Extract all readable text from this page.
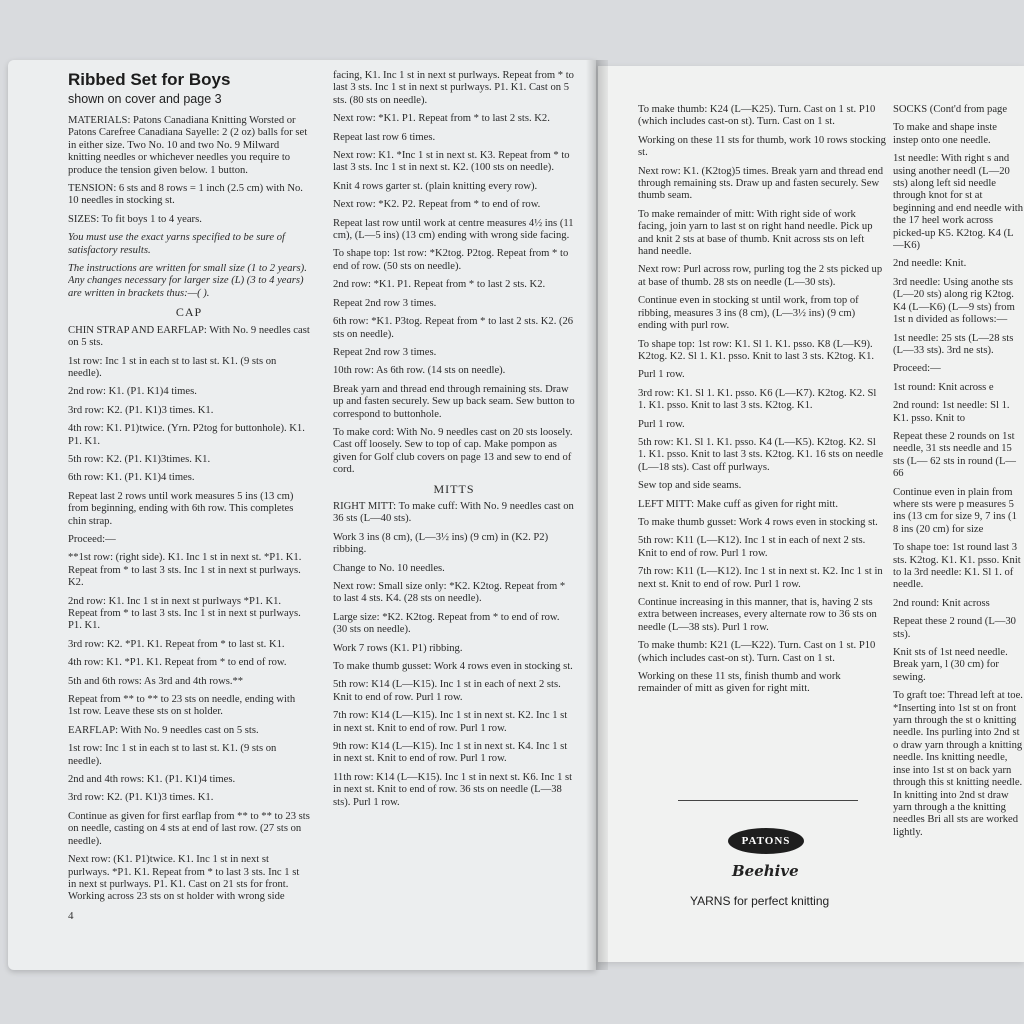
Ribbed Set for Boys
shown on cover and page 3

MATERIALS: Patons Canadiana Knitting Worsted or Patons Carefree Canadiana Sayelle: 2 (2 oz) balls for set in either size. Two No. 10 and two No. 9 Milward knitting needles or whichever needles you require to produce the tension given below. 1 button.

TENSION: 6 sts and 8 rows = 1 inch (2.5 cm) with No. 10 needles in stocking st.

SIZES: To fit boys 1 to 4 years.

You must use the exact yarns specified to be sure of satisfactory results.

The instructions are written for small size (1 to 2 years). Any changes necessary for larger size (L) (3 to 4 years) are written in brackets thus:—( ).

CAP

CHIN STRAP AND EARFLAP: With No. 9 needles cast on 5 sts.

1st row: Inc 1 st in each st to last st. K1. (9 sts on needle).

2nd row: K1. (P1. K1)4 times.

3rd row: K2. (P1. K1)3 times. K1.

4th row: K1. P1)twice. (Yrn. P2tog for buttonhole). K1. P1. K1.

5th row: K2. (P1. K1)3times. K1.

6th row: K1. (P1. K1)4 times.

Repeat last 2 rows until work measures 5 ins (13 cm) from beginning, ending with 6th row. This completes chin strap.

Proceed:—

**1st row: (right side). K1. Inc 1 st in next st. *P1. K1. Repeat from * to last 3 sts. Inc 1 st in next st purlways. K2.

2nd row: K1. Inc 1 st in next st purlways *P1. K1. Repeat from * to last 3 sts. Inc 1 st in next st purlways. P1. K1.

3rd row: K2. *P1. K1. Repeat from * to last st. K1.

4th row: K1. *P1. K1. Repeat from * to end of row.

5th and 6th rows: As 3rd and 4th rows.**

Repeat from ** to ** to 23 sts on needle, ending with 1st row. Leave these sts on st holder.

EARFLAP: With No. 9 needles cast on 5 sts.

1st row: Inc 1 st in each st to last st. K1. (9 sts on needle).

2nd and 4th rows: K1. (P1. K1)4 times.

3rd row: K2. (P1. K1)3 times. K1.

Continue as given for first earflap from ** to ** to 23 sts on needle, casting on 4 sts at end of last row. (27 sts on needle).

Next row: (K1. P1)twice. K1. Inc 1 st in next st purlways. *P1. K1. Repeat from * to last 3 sts. Inc 1 st in next st purlways. P1. K1. Cast on 21 sts for front. Working across 23 sts on st holder with wrong side

4

facing, K1. Inc 1 st in next st purlways. Repeat from * to last 3 sts. Inc 1 st in next st purlways. P1. K1. Cast on 5 sts. (80 sts on needle).

Next row: *K1. P1. Repeat from * to last 2 sts. K2.

Repeat last row 6 times.

Next row: K1. *Inc 1 st in next st. K3. Repeat from * to last 3 sts. Inc 1 st in next st. K2. (100 sts on needle).

Knit 4 rows garter st. (plain knitting every row).

Next row: *K2. P2. Repeat from * to end of row.

Repeat last row until work at centre measures 4½ ins (11 cm), (L—5 ins) (13 cm) ending with wrong side facing.

To shape top: 1st row: *K2tog. P2tog. Repeat from * to end of row. (50 sts on needle).

2nd row: *K1. P1. Repeat from * to last 2 sts. K2.

Repeat 2nd row 3 times.

6th row: *K1. P3tog. Repeat from * to last 2 sts. K2. (26 sts on needle).

Repeat 2nd row 3 times.

10th row: As 6th row. (14 sts on needle).

Break yarn and thread end through remaining sts. Draw up and fasten securely. Sew up back seam. Sew button to correspond to buttonhole.

To make cord: With No. 9 needles cast on 20 sts loosely. Cast off loosely. Sew to top of cap. Make pompon as given for Golf club covers on page 13 and sew to end of cord.

MITTS

RIGHT MITT: To make cuff: With No. 9 needles cast on 36 sts (L—40 sts).

Work 3 ins (8 cm), (L—3½ ins) (9 cm) in (K2. P2) ribbing.

Change to No. 10 needles.

Next row: Small size only: *K2. K2tog. Repeat from * to last 4 sts. K4. (28 sts on needle).

Large size: *K2. K2tog. Repeat from * to end of row. (30 sts on needle).

Work 7 rows (K1. P1) ribbing.

To make thumb gusset: Work 4 rows even in stocking st.

5th row: K14 (L—K15). Inc 1 st in each of next 2 sts. Knit to end of row. Purl 1 row.

7th row: K14 (L—K15). Inc 1 st in next st. K2. Inc 1 st in next st. Knit to end of row. Purl 1 row.

9th row: K14 (L—K15). Inc 1 st in next st. K4. Inc 1 st in next st. Knit to end of row. Purl 1 row.

11th row: K14 (L—K15). Inc 1 st in next st. K6. Inc 1 st in next st. Knit to end of row. 36 sts on needle (L—38 sts). Purl 1 row.

To make thumb: K24 (L—K25). Turn. Cast on 1 st. P10 (which includes cast-on st). Turn. Cast on 1 st.

Working on these 11 sts for thumb, work 10 rows stocking st.

Next row: K1. (K2tog)5 times. Break yarn and thread end through remaining sts. Draw up and fasten securely. Sew thumb seam.

To make remainder of mitt: With right side of work facing, join yarn to last st on right hand needle. Pick up and knit 2 sts at base of thumb. Knit across sts on left hand needle.

Next row: Purl across row, purling tog the 2 sts picked up at base of thumb. 28 sts on needle (L—30 sts).

Continue even in stocking st until work, from top of ribbing, measures 3 ins (8 cm), (L—3½ ins) (9 cm) ending with purl row.

To shape top: 1st row: K1. Sl 1. K1. psso. K8 (L—K9). K2tog. K2. Sl 1. K1. psso. Knit to last 3 sts. K2tog. K1.

Purl 1 row.

3rd row: K1. Sl 1. K1. psso. K6 (L—K7). K2tog. K2. Sl 1. K1. psso. Knit to last 3 sts. K2tog. K1.

Purl 1 row.

5th row: K1. Sl 1. K1. psso. K4 (L—K5). K2tog. K2. Sl 1. K1. psso. Knit to last 3 sts. K2tog. K1. 16 sts on needle (L—18 sts). Cast off purlways.

Sew top and side seams.

LEFT MITT: Make cuff as given for right mitt.

To make thumb gusset: Work 4 rows even in stocking st.

5th row: K11 (L—K12). Inc 1 st in each of next 2 sts. Knit to end of row. Purl 1 row.

7th row: K11 (L—K12). Inc 1 st in next st. K2. Inc 1 st in next st. Knit to end of row. Purl 1 row.

Continue increasing in this manner, that is, having 2 sts extra between increases, every alternate row to 36 sts on needle (L—38 sts). Purl 1 row.

To make thumb: K21 (L—K22). Turn. Cast on 1 st. P10 (which includes cast-on st). Turn. Cast on 1 st.

Working on these 11 sts, finish thumb and work remainder of mitt as given for right mitt.

PATONS
Beehive
YARNS for perfect knitting

SOCKS (Cont'd from page

To make and shape inste instep onto one needle.

1st needle: With right s and using another needl (L—20 sts) along left sid needle through knot for st at beginning and end needle with the 17 heel work across picked-up K5. K2tog. K4 (L—K6)

2nd needle: Knit.

3rd needle: Using anothe sts (L—20 sts) along rig K2tog. K4 (L—K6) (L—9 sts) from 1st n divided as follows:—

1st needle: 25 sts (L—28 sts (L—33 sts). 3rd ne sts).

Proceed:—

1st round: Knit across e

2nd round: 1st needle: Sl 1. K1. psso. Knit to

Repeat these 2 rounds on 1st needle, 31 sts needle and 15 sts (L— 62 sts in round (L—66

Continue even in plain from where sts were p measures 5 ins (13 cm for size 9, 7 ins (1 8 ins (20 cm) for size

To shape toe: 1st round last 3 sts. K2tog. K1. K1. psso. Knit to la 3rd needle: K1. Sl 1. of needle.

2nd round: Knit across

Repeat these 2 round (L—30 sts).

Knit sts of 1st need needle. Break yarn, l (30 cm) for sewing.

To graft toe: Thread left at toe. *Inserting into 1st st on front yarn through the st o knitting needle. Ins purling into 2nd st o draw yarn through a knitting needle. Ins knitting needle, inse into 1st st on back yarn through this st knitting needle. In knitting into 2nd st draw yarn through a the knitting needles Bri all sts are worked lightly.
